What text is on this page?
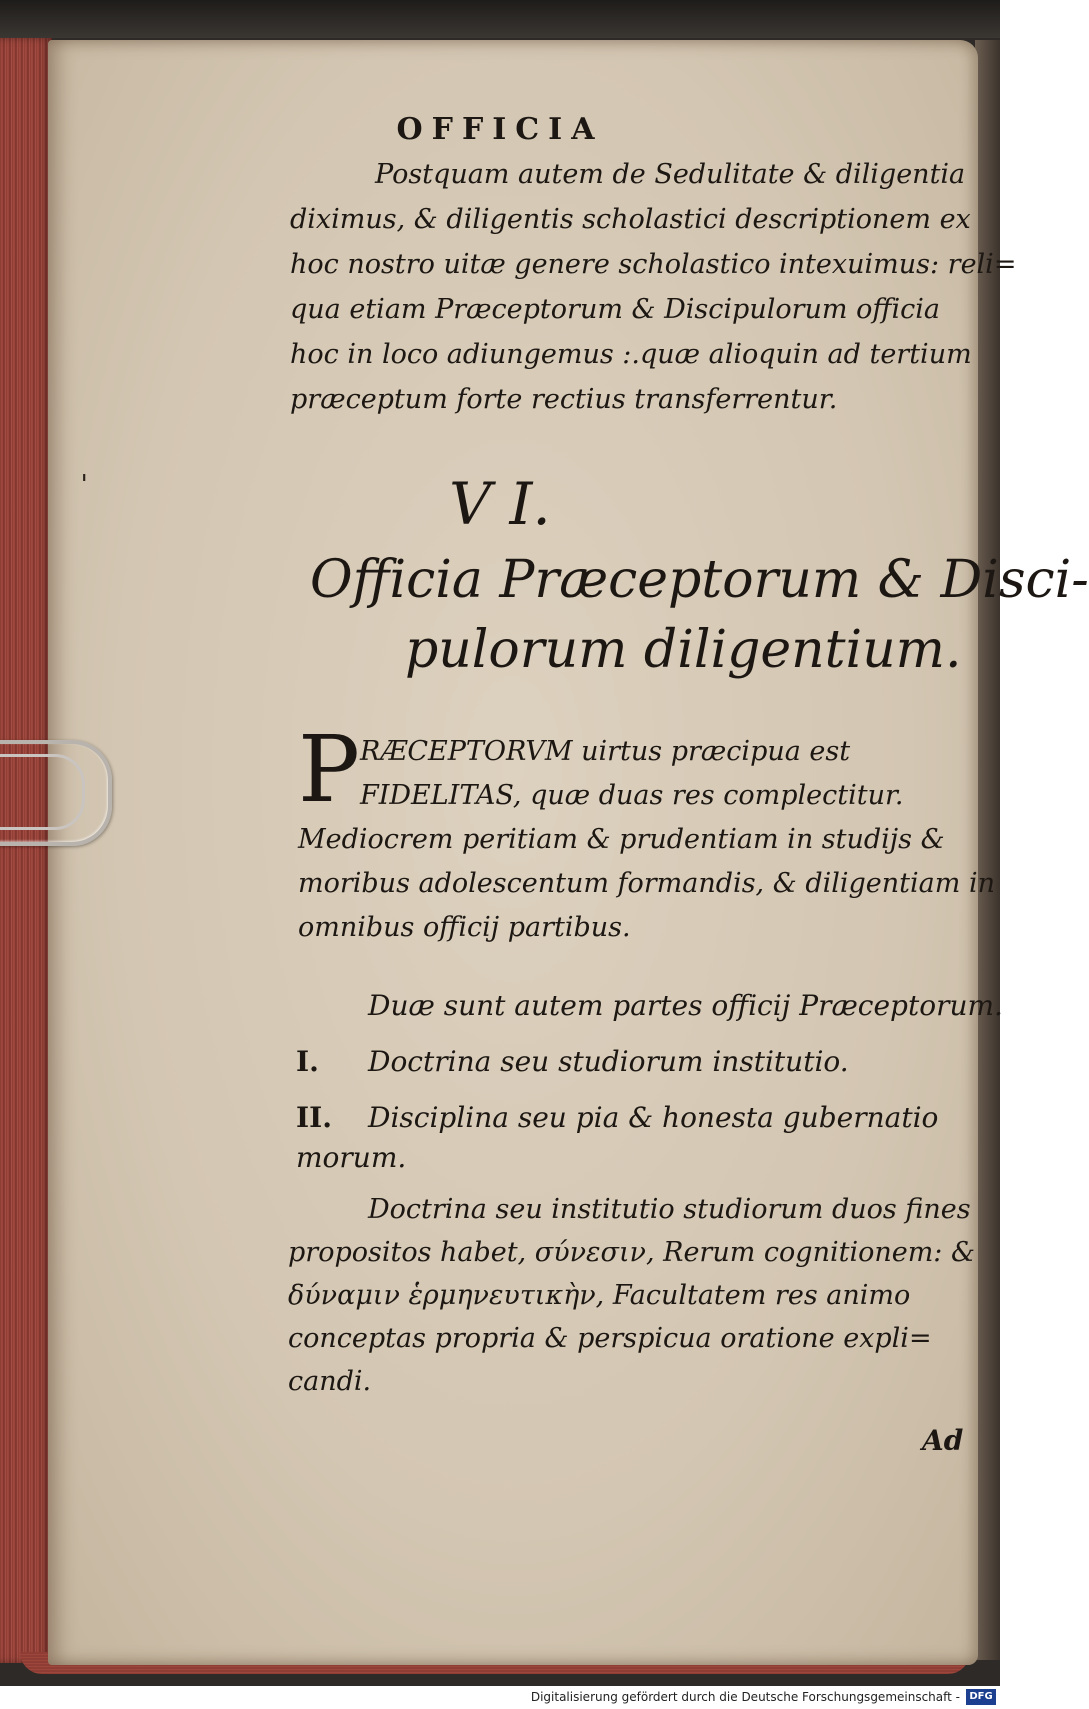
ˈ
OFFICIA
Postquam autem de Sedulitate & diligentia
diximus, & diligentis scholastici descriptionem ex
hoc nostro uitæ genere scholastico intexuimus: reli=
qua etiam Præceptorum & Discipulorum officia
hoc in loco adiungemus :.quæ alioquin ad tertium
præceptum forte rectius transferrentur.
V I.
Officia Præceptorum & Disci-
pulorum diligentium.
P RÆCEPTORVM uirtus præcipua est
FIDELITAS, quæ duas res complectitur.
Mediocrem peritiam & prudentiam in studijs &
moribus adolescentum formandis, & diligentiam in
omnibus officij partibus.
Duæ sunt autem partes officij Præceptorum.
I. Doctrina seu studiorum institutio.
II. Disciplina seu pia & honesta gubernatio
morum.
Doctrina seu institutio studiorum duos fines
propositos habet, σύνεσιν, Rerum cognitionem: &
δύναμιν ἑρμηνευτικὴν, Facultatem res animo
conceptas propria & perspicua oratione expli=
candi.
Ad
Digitalisierung gefördert durch die Deutsche Forschungsgemeinschaft - DFG
